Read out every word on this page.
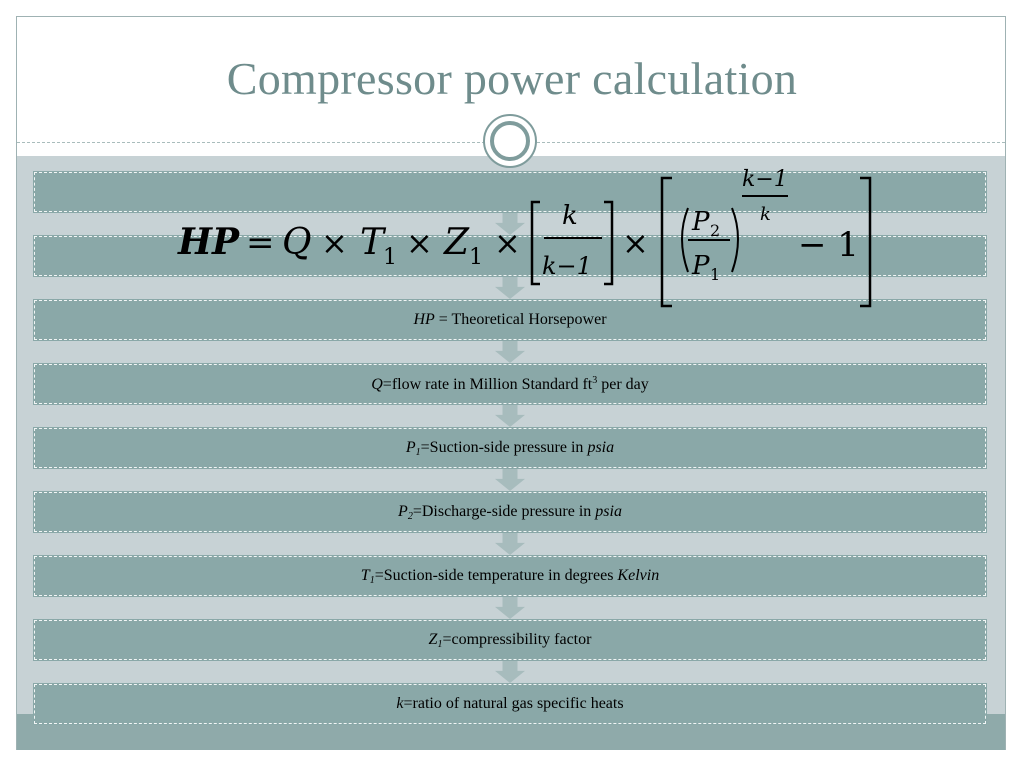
Compressor power calculation
HP = Theoretical Horsepower
Q=flow rate in Million Standard $ft^3$ per day
$P_1=Suction$-side pressure in psia
$P_2=Discharge$-side pressure in psia
$T_1=Suction$-side temperature in degrees Kelvin
$Z_1=compressibility$ factor
k=ratio of natural gas specific heats
HP = Q × T
1 × Z 1 ×
k
k−1
×
P 2
P 1
k−1
k
− 1
